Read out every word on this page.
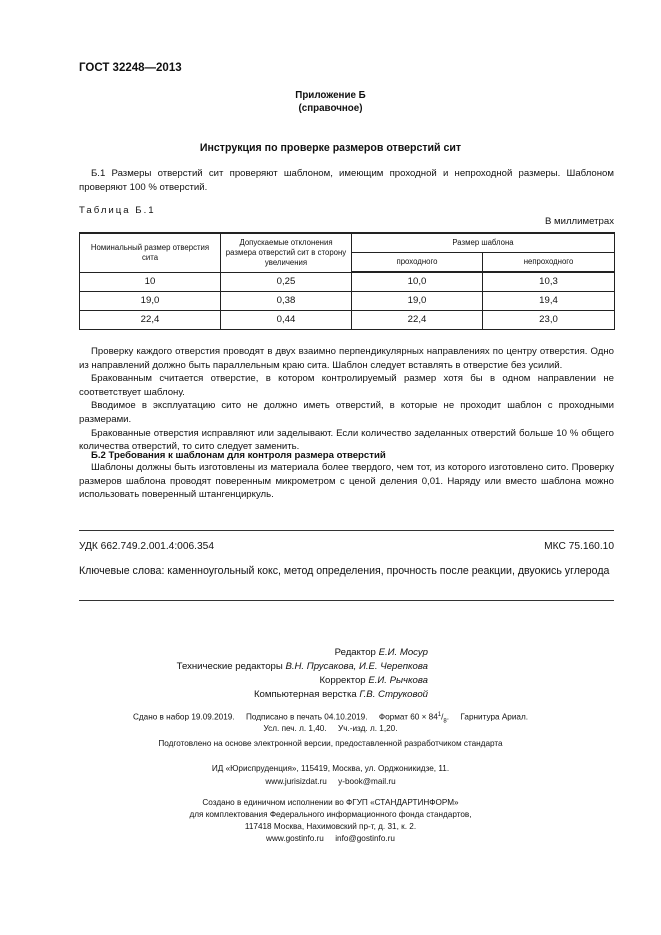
ГОСТ 32248—2013
Приложение Б
(справочное)
Инструкция по проверке размеров отверстий сит
Б.1 Размеры отверстий сит проверяют шаблоном, имеющим проходной и непроходной размеры. Шаблоном проверяют 100 % отверстий.
Таблица Б.1
В миллиметрах
Номинальный размер отверстия сита	Допускаемые отклонения размера отверстий сит в сторону увеличения	Размер шаблона	
		проходного	непроходного
10	0,25	10,0	10,3
19,0	0,38	19,0	19,4
22,4	0,44	22,4	23,0
Проверку каждого отверстия проводят в двух взаимно перпендикулярных направлениях по центру отверстия. Одно из направлений должно быть параллельным краю сита. Шаблон следует вставлять в отверстие без усилий.
Бракованным считается отверстие, в котором контролируемый размер хотя бы в одном направлении не соответствует шаблону.
Вводимое в эксплуатацию сито не должно иметь отверстий, в которые не проходит шаблон с проходными размерами.
Бракованные отверстия исправляют или заделывают. Если количество заделанных отверстий больше 10 % общего количества отверстий, то сито следует заменить.
Б.2 Требования к шаблонам для контроля размера отверстий
Шаблоны должны быть изготовлены из материала более твердого, чем тот, из которого изготовлено сито. Проверку размеров шаблона проводят поверенным микрометром с ценой деления 0,01. Наряду или вместо шаблона можно использовать поверенный штангенциркуль.
УДК 662.749.2.001.4:006.354	МКС 75.160.10
Ключевые слова: каменноугольный кокс, метод определения, прочность после реакции, двуокись углерода
Редактор Е.И. Мосур
Технические редакторы В.Н. Прусакова, И.Е. Черепкова
Корректор Е.И. Рычкова
Компьютерная верстка Г.В. Струковой
Сдано в набор 19.09.2019. Подписано в печать 04.10.2019. Формат $60 \times 84^1/_8$.     Гарнитура Ариал.
Усл. печ. л. 1,40.     Уч.-изд. л. 1,20.
Подготовлено на основе электронной версии, предоставленной разработчиком стандарта
ИД «Юриспруденция», 115419, Москва, ул. Орджоникидзе, 11.
www.jurisizdat.ru     y-book@mail.ru
Создано в единичном исполнении во ФГУП «СТАНДАРТИНФОРМ»
для комплектования Федерального информационного фонда стандартов,
117418 Москва, Нахимовский пр-т, д. 31, к. 2.
www.gostinfo.ru     info@gostinfo.ru
